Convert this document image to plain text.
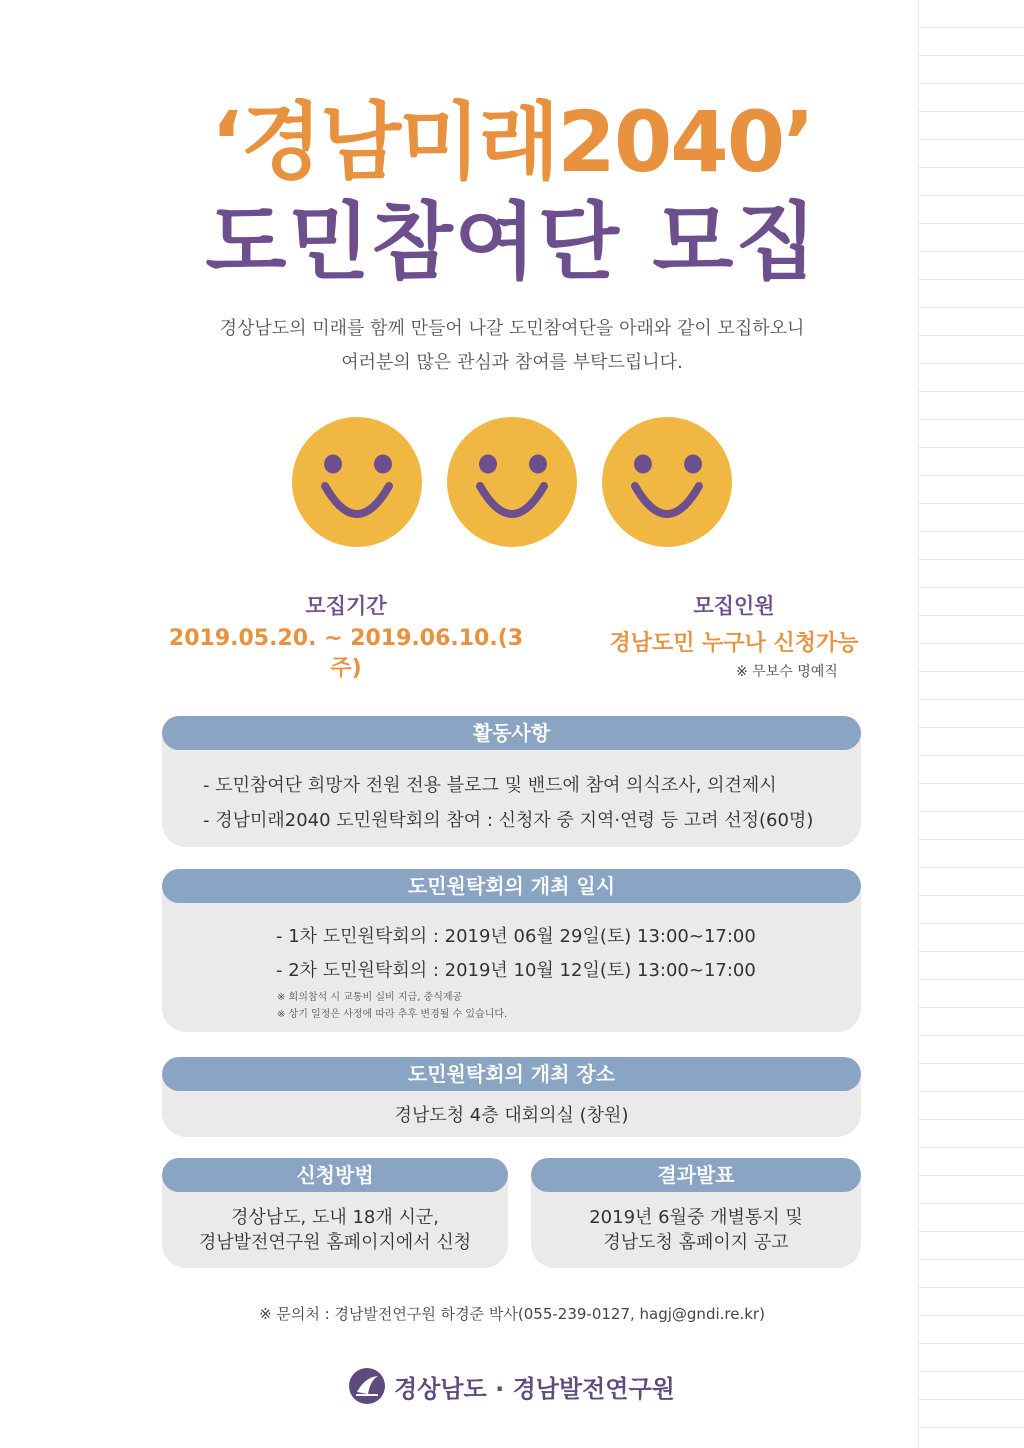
‘경남미래2040’
도민참여단 모집
경상남도의 미래를 함께 만들어 나갈 도민참여단을 아래와 같이 모집하오니
여러분의 많은 관심과 참여를 부탁드립니다.
모집기간
2019.05.20. ~ 2019.06.10.(3주)
모집인원
경남도민 누구나 신청가능
※ 무보수 명예직
활동사항
- 도민참여단 희망자 전원 전용 블로그 및 밴드에 참여 의식조사, 의견제시
- 경남미래2040 도민원탁회의 참여 : 신청자 중 지역·연령 등 고려 선정(60명)
도민원탁회의 개최 일시
- 1차 도민원탁회의 : 2019년 06월 29일(토) 13:00~17:00
- 2차 도민원탁회의 : 2019년 10월 12일(토) 13:00~17:00
※ 회의참석 시 교통비 실비 지급, 중식제공
※ 상기 일정은 사정에 따라 추후 변경될 수 있습니다.
도민원탁회의 개최 장소
경남도청 4층 대회의실 (창원)
신청방법
경상남도, 도내 18개 시군,
경남발전연구원 홈페이지에서 신청
결과발표
2019년 6월중 개별통지 및
경남도청 홈페이지 공고
※ 문의처 : 경남발전연구원 하경준 박사(055-239-0127, hagj@gndi.re.kr)
경상남도 · 경남발전연구원
